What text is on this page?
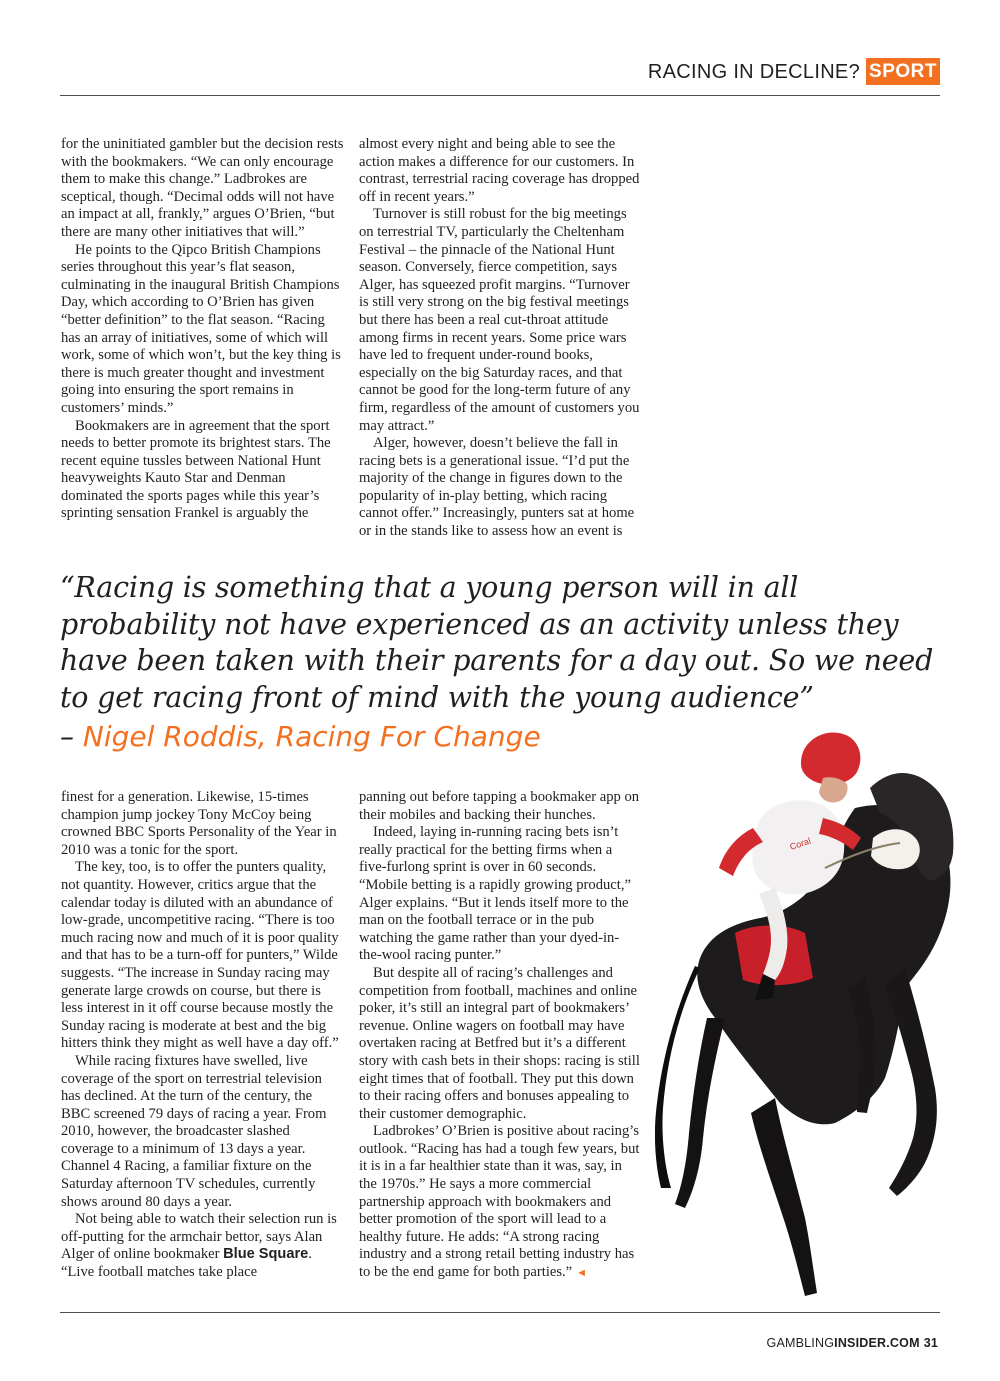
RACING IN DECLINE? SPORT

for the uninitiated gambler but the decision rests with the bookmakers. “We can only encourage them to make this change.” Ladbrokes are sceptical, though. “Decimal odds will not have an impact at all, frankly,” argues O’Brien, “but there are many other initiatives that will.”

He points to the Qipco British Champions series throughout this year’s flat season, culminating in the inaugural British Champions Day, which according to O’Brien has given “better definition” to the flat season. “Racing has an array of initiatives, some of which will work, some of which won’t, but the key thing is there is much greater thought and investment going into ensuring the sport remains in customers’ minds.”

Bookmakers are in agreement that the sport needs to better promote its brightest stars. The recent equine tussles between National Hunt heavyweights Kauto Star and Denman dominated the sports pages while this year’s sprinting sensation Frankel is arguably the

almost every night and being able to see the action makes a difference for our customers. In contrast, terrestrial racing coverage has dropped off in recent years.”

Turnover is still robust for the big meetings on terrestrial TV, particularly the Cheltenham Festival – the pinnacle of the National Hunt season. Conversely, fierce competition, says Alger, has squeezed profit margins. “Turnover is still very strong on the big festival meetings but there has been a real cut-throat attitude among firms in recent years. Some price wars have led to frequent under-round books, especially on the big Saturday races, and that cannot be good for the long-term future of any firm, regardless of the amount of customers you may attract.”

Alger, however, doesn’t believe the fall in racing bets is a generational issue. “I’d put the majority of the change in figures down to the popularity of in-play betting, which racing cannot offer.” Increasingly, punters sat at home or in the stands like to assess how an event is

“Racing is something that a young person will in all probability not have experienced as an activity unless they have been taken with their parents for a day out. So we need to get racing front of mind with the young audience”
– Nigel Roddis, Racing For Change

finest for a generation. Likewise, 15-times champion jump jockey Tony McCoy being crowned BBC Sports Personality of the Year in 2010 was a tonic for the sport.

The key, too, is to offer the punters quality, not quantity. However, critics argue that the calendar today is diluted with an abundance of low-grade, uncompetitive racing. “There is too much racing now and much of it is poor quality and that has to be a turn-off for punters,” Wilde suggests. “The increase in Sunday racing may generate large crowds on course, but there is less interest in it off course because mostly the Sunday racing is moderate at best and the big hitters think they might as well have a day off.”

While racing fixtures have swelled, live coverage of the sport on terrestrial television has declined. At the turn of the century, the BBC screened 79 days of racing a year. From 2010, however, the broadcaster slashed coverage to a minimum of 13 days a year. Channel 4 Racing, a familiar fixture on the Saturday afternoon TV schedules, currently shows around 80 days a year.

Not being able to watch their selection run is off-putting for the armchair bettor, says Alan Alger of online bookmaker Blue Square. “Live football matches take place

panning out before tapping a bookmaker app on their mobiles and backing their hunches.

Indeed, laying in-running racing bets isn’t really practical for the betting firms when a five-furlong sprint is over in 60 seconds. “Mobile betting is a rapidly growing product,” Alger explains. “But it lends itself more to the man on the football terrace or in the pub watching the game rather than your dyed-in-the-wool racing punter.”

But despite all of racing’s challenges and competition from football, machines and online poker, it’s still an integral part of bookmakers’ revenue. Online wagers on football may have overtaken racing at Betfred but it’s a different story with cash bets in their shops: racing is still eight times that of football. They put this down to their racing offers and bonuses appealing to their customer demographic.

Ladbrokes’ O’Brien is positive about racing’s outlook. “Racing has had a tough few years, but it is in a far healthier state than it was, say, in the 1970s.” He says a more commercial partnership approach with bookmakers and better promotion of the sport will lead to a healthy future. He adds: “A strong racing industry and a strong retail betting industry has to be the end game for both parties.” ◄

Coral
GAMBLINGINSIDER.COM 31
